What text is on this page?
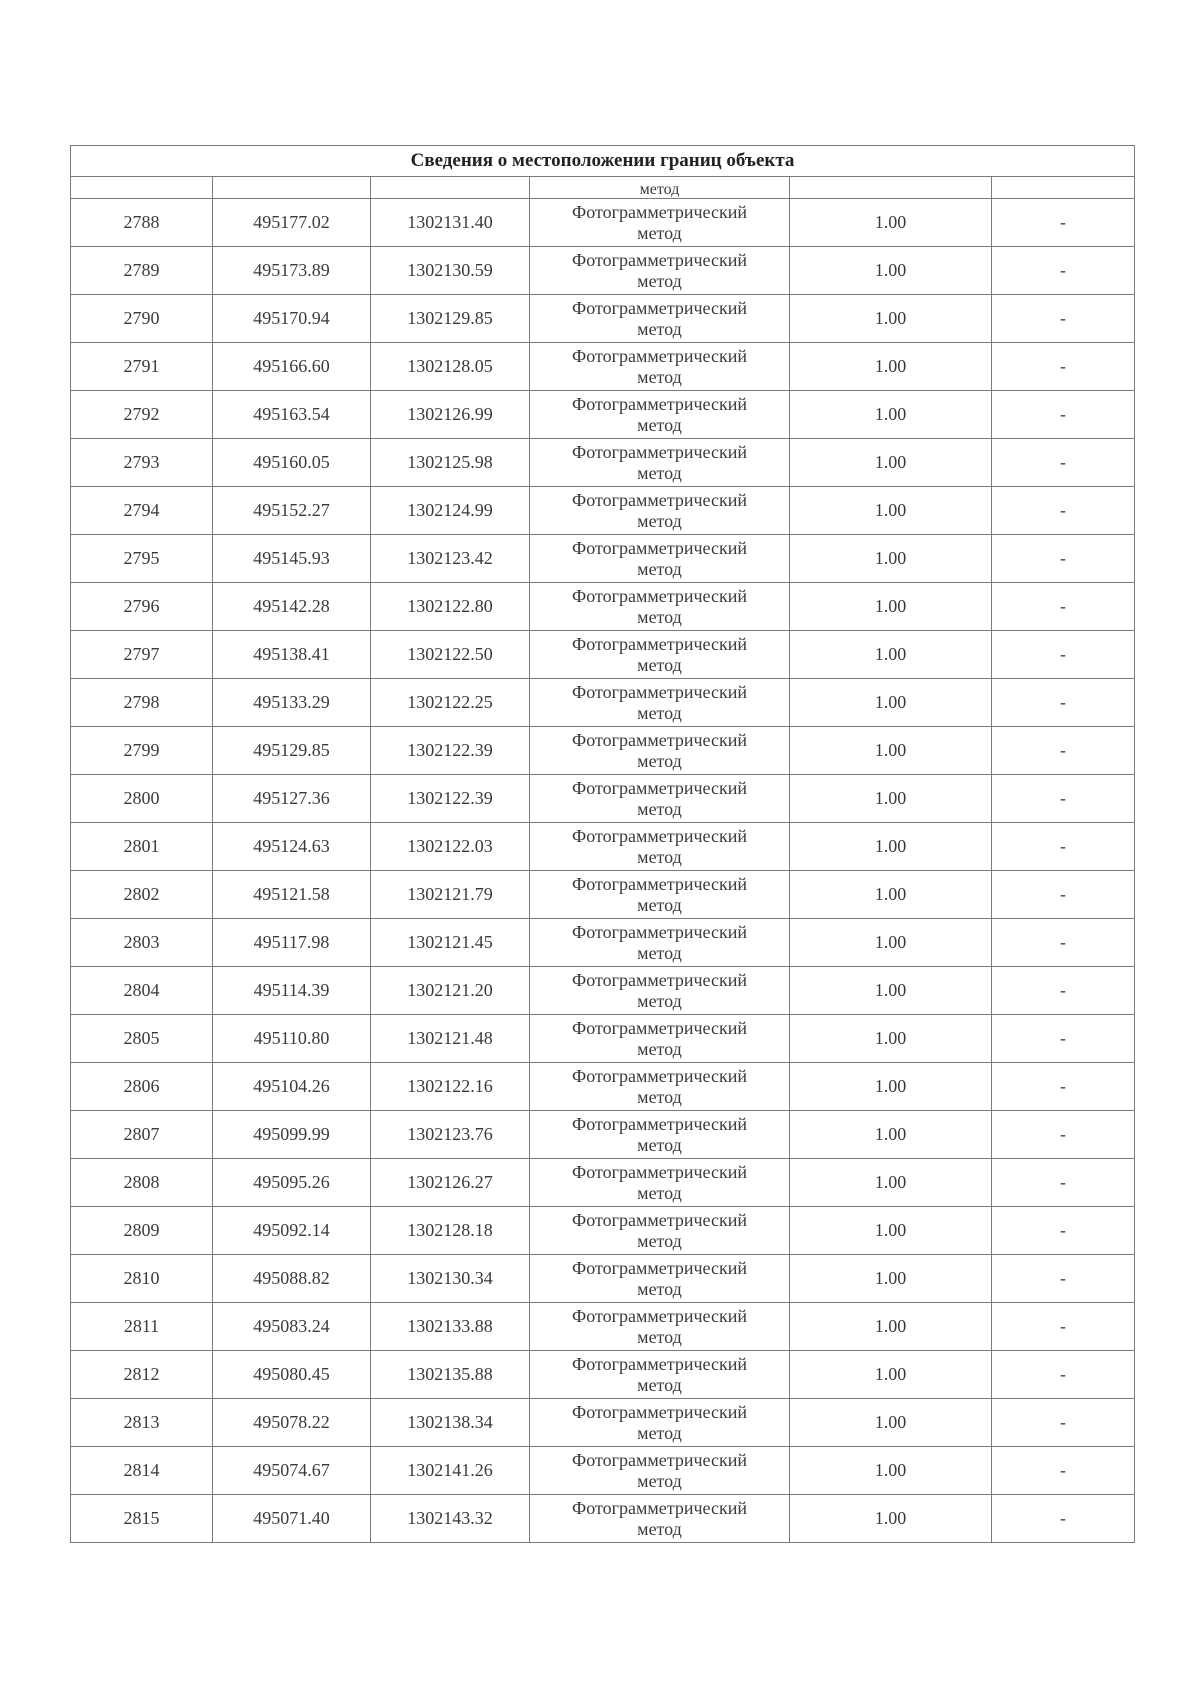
Сведения о местоположении границ объекта					
			метод		
2788	495177.02	1302131.40	Фотограмметрический
метод	1.00	-
2789	495173.89	1302130.59	Фотограмметрический
метод	1.00	-
2790	495170.94	1302129.85	Фотограмметрический
метод	1.00	-
2791	495166.60	1302128.05	Фотограмметрический
метод	1.00	-
2792	495163.54	1302126.99	Фотограмметрический
метод	1.00	-
2793	495160.05	1302125.98	Фотограмметрический
метод	1.00	-
2794	495152.27	1302124.99	Фотограмметрический
метод	1.00	-
2795	495145.93	1302123.42	Фотограмметрический
метод	1.00	-
2796	495142.28	1302122.80	Фотограмметрический
метод	1.00	-
2797	495138.41	1302122.50	Фотограмметрический
метод	1.00	-
2798	495133.29	1302122.25	Фотограмметрический
метод	1.00	-
2799	495129.85	1302122.39	Фотограмметрический
метод	1.00	-
2800	495127.36	1302122.39	Фотограмметрический
метод	1.00	-
2801	495124.63	1302122.03	Фотограмметрический
метод	1.00	-
2802	495121.58	1302121.79	Фотограмметрический
метод	1.00	-
2803	495117.98	1302121.45	Фотограмметрический
метод	1.00	-
2804	495114.39	1302121.20	Фотограмметрический
метод	1.00	-
2805	495110.80	1302121.48	Фотограмметрический
метод	1.00	-
2806	495104.26	1302122.16	Фотограмметрический
метод	1.00	-
2807	495099.99	1302123.76	Фотограмметрический
метод	1.00	-
2808	495095.26	1302126.27	Фотограмметрический
метод	1.00	-
2809	495092.14	1302128.18	Фотограмметрический
метод	1.00	-
2810	495088.82	1302130.34	Фотограмметрический
метод	1.00	-
2811	495083.24	1302133.88	Фотограмметрический
метод	1.00	-
2812	495080.45	1302135.88	Фотограмметрический
метод	1.00	-
2813	495078.22	1302138.34	Фотограмметрический
метод	1.00	-
2814	495074.67	1302141.26	Фотограмметрический
метод	1.00	-
2815	495071.40	1302143.32	Фотограмметрический
метод	1.00	-
